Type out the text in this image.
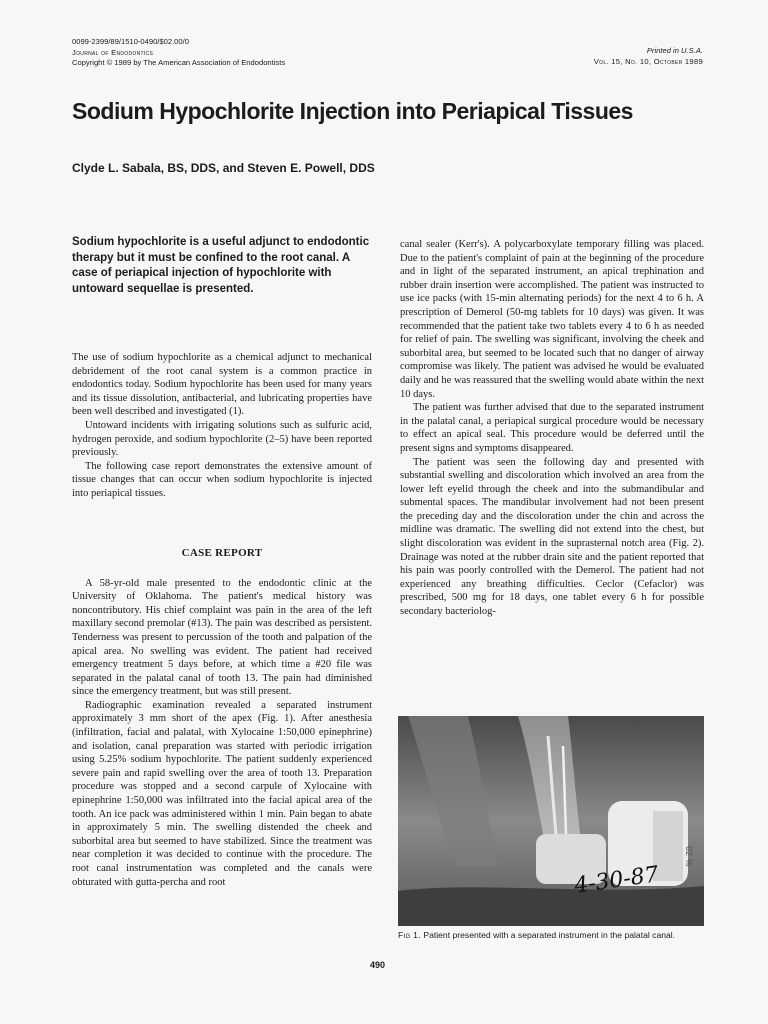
0099-2399/89/1510-0490/$02.00/0
Journal of Endodontics
Copyright © 1989 by The American Association of Endodontists
Printed in U.S.A.
Vol. 15, No. 10, October 1989
Sodium Hypochlorite Injection into Periapical Tissues
Clyde L. Sabala, BS, DDS, and Steven E. Powell, DDS

Sodium hypochlorite is a useful adjunct to endodontic therapy but it must be confined to the root canal. A case of periapical injection of hypochlorite with untoward sequellae is presented.

The use of sodium hypochlorite as a chemical adjunct to mechanical debridement of the root canal system is a common practice in endodontics today. Sodium hypochlorite has been used for many years and its tissue dissolution, antibacterial, and lubricating properties have been well described and investigated (1).

Untoward incidents with irrigating solutions such as sulfuric acid, hydrogen peroxide, and sodium hypochlorite (2–5) have been reported previously.

The following case report demonstrates the extensive amount of tissue changes that can occur when sodium hypochlorite is injected into periapical tissues.

CASE REPORT

A 58-yr-old male presented to the endodontic clinic at the University of Oklahoma. The patient's medical history was noncontributory. His chief complaint was pain in the area of the left maxillary second premolar (#13). The pain was described as persistent. Tenderness was present to percussion of the tooth and palpation of the apical area. No swelling was evident. The patient had received emergency treatment 5 days before, at which time a #20 file was separated in the palatal canal of tooth 13. The pain had diminished since the emergency treatment, but was still present.

Radiographic examination revealed a separated instrument approximately 3 mm short of the apex (Fig. 1). After anesthesia (infiltration, facial and palatal, with Xylocaine 1:50,000 epinephrine) and isolation, canal preparation was started with periodic irrigation using 5.25% sodium hypochlorite. The patient suddenly experienced severe pain and rapid swelling over the area of tooth 13. Preparation procedure was stopped and a second carpule of Xylocaine with epinephrine 1:50,000 was infiltrated into the facial apical area of the tooth. An ice pack was administered within 1 min. Pain began to abate in approximately 5 min. The swelling distended the cheek and suborbital area but seemed to have stabilized. Since the treatment was near completion it was decided to continue with the procedure. The root canal instrumentation was completed and the canals were obturated with gutta-percha and root

canal sealer (Kerr's). A polycarboxylate temporary filling was placed. Due to the patient's complaint of pain at the beginning of the procedure and in light of the separated instrument, an apical trephination and rubber drain insertion were accomplished. The patient was instructed to use ice packs (with 15-min alternating periods) for the next 4 to 6 h. A prescription of Demerol (50-mg tablets for 10 days) was given. It was recommended that the patient take two tablets every 4 to 6 h as needed for relief of pain. The swelling was significant, involving the cheek and suborbital area, but seemed to be located such that no danger of airway compromise was likely. The patient was advised he would be evaluated daily and he was reassured that the swelling would abate within the next 10 days.

The patient was further advised that due to the separated instrument in the palatal canal, a periapical surgical procedure would be necessary to effect an apical seal. This procedure would be deferred until the present signs and symptoms disappeared.

The patient was seen the following day and presented with substantial swelling and discoloration which involved an area from the lower left eyelid through the cheek and into the submandibular and submental spaces. The mandibular involvement had not been present the preceding day and the discoloration under the chin and across the midline was dramatic. The swelling did not extend into the chest, but slight discoloration was evident in the suprasternal notch area (Fig. 2). Drainage was noted at the rubber drain site and the patient reported that his pain was poorly controlled with the Demerol. The patient had not experienced any breathing difficulties. Ceclor (Cefaclor) was prescribed, 500 mg for 18 days, one tablet every 6 h for possible secondary bacteriolog-

02 %
4-30-87
Fig 1. Patient presented with a separated instrument in the palatal canal.
490
